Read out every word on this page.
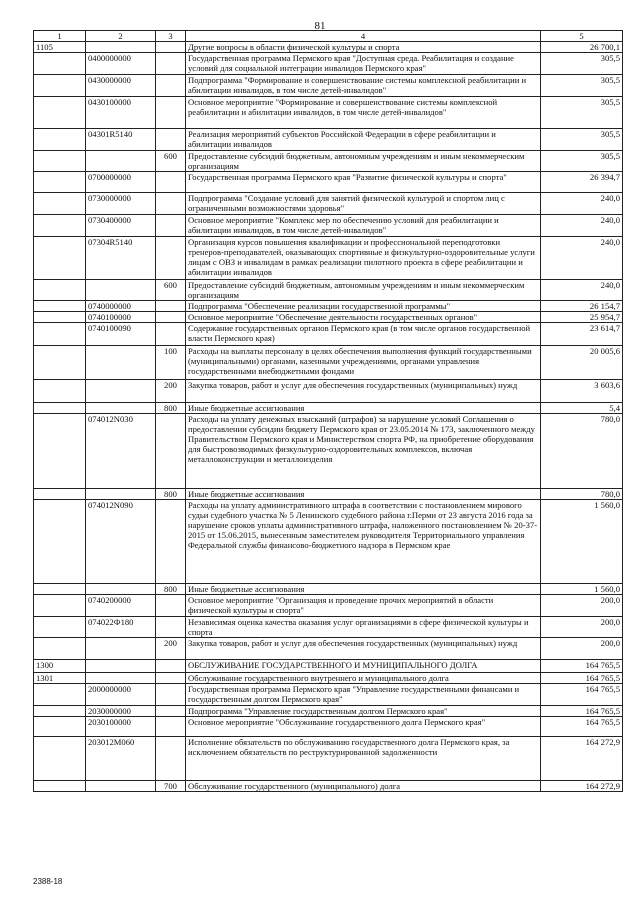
81
1	2	3	4	5
1105			Другие вопросы в области физической культуры и спорта	26 700,1
	0400000000		Государственная программа Пермского края "Доступная среда. Реабилитация и создание условий для социальной интеграции инвалидов Пермского края"	305,5
	0430000000		Подпрограмма "Формирование и совершенствование системы комплексной реабилитации и абилитации инвалидов, в том числе детей-инвалидов"	305,5
	0430100000		Основное мероприятие "Формирование и совершенствование системы комплексной реабилитации и абилитации инвалидов, в том числе детей-инвалидов"	305,5
	04301R5140		Реализация мероприятий субъектов Российской Федерации в сфере реабилитации и абилитации инвалидов	305,5
		600	Предоставление субсидий бюджетным, автономным учреждениям и иным некоммерческим организациям	305,5
	0700000000		Государственная программа Пермского края "Развитие физической культуры и спорта"	26 394,7
	0730000000		Подпрограмма "Создание условий для занятий физической культурой и спортом лиц с ограниченными возможностями здоровья"	240,0
	0730400000		Основное мероприятие "Комплекс мер по обеспечению условий для реабилитации и абилитации инвалидов, в том числе детей-инвалидов"	240,0
	07304R5140		Организация курсов повышения квалификации и профессиональной переподготовки тренеров-преподавателей, оказывающих спортивные и физкультурно-оздоровительные услуги лицам с ОВЗ и инвалидам в рамках реализации пилотного проекта в сфере реабилитации и абилитации инвалидов	240,0
		600	Предоставление субсидий бюджетным, автономным учреждениям и иным некоммерческим организациям	240,0
	0740000000		Подпрограмма "Обеспечение реализации государственной программы"	26 154,7
	0740100000		Основное мероприятие "Обеспечение деятельности государственных органов"	25 954,7
	0740100090		Содержание государственных органов Пермского края (в том числе органов государственной власти Пермского края)	23 614,7
		100	Расходы на выплаты персоналу в целях обеспечения выполнения функций государственными (муниципальными) органами, казенными учреждениями, органами управления государственными внебюджетными фондами	20 005,6
		200	Закупка товаров, работ и услуг для обеспечения государственных (муниципальных) нужд	3 603,6
		800	Иные бюджетные ассигнования	5,4
	074012N030		Расходы на уплату денежных взысканий (штрафов) за нарушение условий Соглашения о предоставлении субсидии бюджету Пермского края от 23.05.2014 № 173, заключенного между Правительством Пермского края и Министерством спорта РФ, на приобретение оборудования для быстровозводимых физкультурно-оздоровительных комплексов, включая металлоконструкции и металлоизделия	780,0
		800	Иные бюджетные ассигнования	780,0
	074012N090		Расходы на уплату административного штрафа в соответствии с постановлением мирового судьи судебного участка № 5 Ленинского судебного района г.Перми от 23 августа 2016 года за нарушение сроков уплаты административного штрафа, наложенного постановлением № 20-37-2015 от 15.06.2015, вынесенным заместителем руководителя Территориального управления Федеральной службы финансово-бюджетного надзора в Пермском крае	1 560,0
		800	Иные бюджетные ассигнования	1 560,0
	0740200000		Основное мероприятие "Организация и проведение прочих мероприятий в области физической культуры и спорта"	200,0
	074022Ф180		Независимая оценка качества оказания услуг организациями в сфере физической культуры и спорта	200,0
		200	Закупка товаров, работ и услуг для обеспечения государственных (муниципальных) нужд	200,0
1300			ОБСЛУЖИВАНИЕ ГОСУДАРСТВЕННОГО И МУНИЦИПАЛЬНОГО ДОЛГА	164 765,5
1301			Обслуживание государственного внутреннего и муниципального долга	164 765,5
	2000000000		Государственная программа Пермского края "Управление государственными финансами и государственным долгом Пермского края"	164 765,5
	2030000000		Подпрограмма "Управление государственным долгом Пермского края"	164 765,5
	2030100000		Основное мероприятие "Обслуживание государственного долга Пермского края"	164 765,5
	203012М060		Исполнение обязательств по обслуживанию государственного долга Пермского края, за исключением обязательств по реструктурированной задолженности	164 272,9
		700	Обслуживание государственного (муниципального) долга	164 272,9
2388-18
